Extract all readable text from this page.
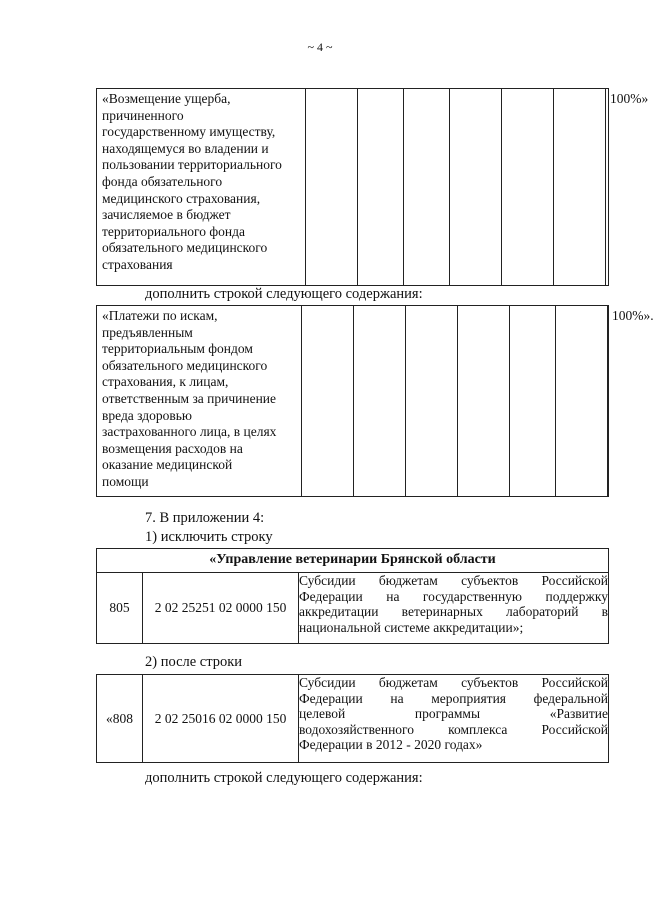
~ 4 ~

«Возмещение ущерба,
причиненного
государственному имуществу,
находящемуся во владении и
пользовании территориального
фонда обязательного
медицинского страхования,
зачисляемое в бюджет
территориального фонда
обязательного медицинского
страхования

100%»
дополнить строкой следующего содержания:

«Платежи по искам,
предъявленным
территориальным фондом
обязательного медицинского
страхования, к лицам,
ответственным за причинение
вреда здоровью
застрахованного лица, в целях
возмещения расходов на
оказание медицинской
помощи

100%».
7. В приложении 4:
1) исключить строку
«Управление ветеринарии Брянской области
805	2 02 25251 02 0000 150	
Субсидии бюджетам субъектов Российской
Федерации на государственную поддержку
аккредитации ветеринарных лабораторий в
национальной системе аккредитации»;
2) после строки
«808	2 02 25016 02 0000 150	
Субсидии бюджетам субъектов Российской
Федерации на мероприятия федеральной
целевой программы «Развитие
водохозяйственного комплекса Российской
Федерации в 2012 - 2020 годах»
дополнить строкой следующего содержания:
